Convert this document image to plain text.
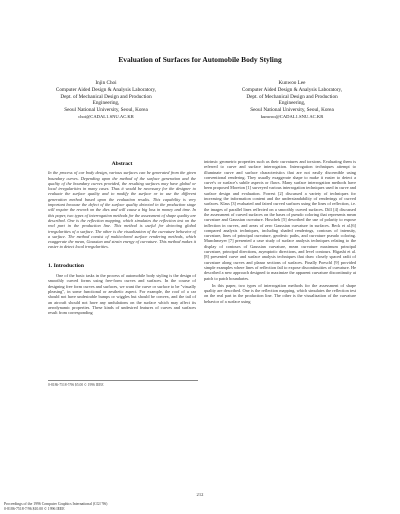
Evaluation of Surfaces for Automobile Body Styling
Injin Choi
Computer Aided Design & Analysis Laboratory,
Dept. of Mechanical Design and Production
Engineering,
Seoul National University, Seoul, Korea
choi@CADAL1.SNU.AC.KR
Kunwoo Lee
Computer Aided Design & Analysis Laboratory,
Dept. of Mechanical Design and Production
Engineering,
Seoul National University, Seoul, Korea
kunwoo@CADAL1.SNU.AC.KR
Abstract
In the process of car body design, various surfaces can be generated from the given boundary curves. Depending upon the method of the surface generation and the quality of the boundary curves provided, the resulting surfaces may have global or local irregularities in many cases. Thus it would be necessary for the designer to evaluate the surface quality and to modify the surface or to use the different generation method based upon the evaluation results. This capability is very important because the defect of the surface quality detected in the production stage will require the rework on the dies and will cause a big loss in money and time. In this paper, two types of interrogation methods for the assessment of shape quality are described. One is the reflection mapping, which simulates the reflection test on the real part in the production line. This method is useful for detecting global irregularities of a surface. The other is the visualization of the curvature behavior of a surface. The method consist of multicolored surface rendering methods, which exaggerate the mean, Gaussian and strain energy of curvature. This method makes it easier to detect local irregularities.
1. Introduction

One of the basic tasks in the process of automobile body styling is the design of smoothly curved forms using free-form curves and surfaces. In the course of designing free form curves and surfaces, we want the curve or surface to be "visually pleasing", in some functional or aesthetic aspect. For example, the roof of a car should not have undesirable bumps or wiggles but should be convex, and the tail of an aircraft should not have any undulations on the surface which may affect its aerodynamic properties. These kinds of undesired features of curves and surfaces result from corresponding

intrinsic geometric properties such as their curvatures and torsions. Evaluating them is referred to curve and surface interrogation. Interrogation techniques attempt to illuminate curve and surface characteristics that are not easily discernible using conventional rendering. They usually exaggerate shape to make it easier to detect a curve's or surface's subtle aspects or flaws. Many surface interrogation methods have been proposed Moreton [1] surveyed various interrogation techniques used in curve and surface design and evaluation. Forrest [2] discussed a variety of techniques for increasing the information content and the understandability of renderings of curved surfaces. Klass [3] evaluated and faired curved surfaces using the lines of reflection, i.e. the images of parallel lines reflected on a smoothly curved surfaces. Dill [4] discussed the assessment of curved surfaces on the bases of pseudo coloring that represents mean curvature and Gaussian curvature. Hoschek [5] described the use of polarity to expose inflection in curves, and areas of zero Gaussian curvature in surfaces. Beck et al.[6] compared analysis techniques, including shaded renderings, contours of intensity, curvature, lines of principal curvature, geodesic paths, and curvature pseudo coloring. Munchmeyer [7] presented a case study of surface analysis techniques relating to the display of contours of Gaussian curvature, mean curvature maximum principal curvature, principal directions, asymptotic directions, and level contours. Higashi et al. [8] presented curve and surface analysis techniques that draw closely spaced radii of curvature along curves and planar sections of surfaces. Finally Poeschl [9] provided simple examples where lines of reflection fail to expose discontinuities of curvature. He described a new approach designed to maximize the apparent curvature discontinuity at patch to patch boundaries.

In this paper, two types of interrogation methods for the assessment of shape quality are described. One is the reflection mapping, which simulates the reflection test on the real part in the production line. The other is the visualization of the curvature behavior of a surface using

0-8186-7518-7/96 $5.00 © 1996 IEEE
212
Proceedings of the 1996 Computer Graphics International (CGI '96)
0-8186-7518-7/96 $10.00 © 1996 IEEE
